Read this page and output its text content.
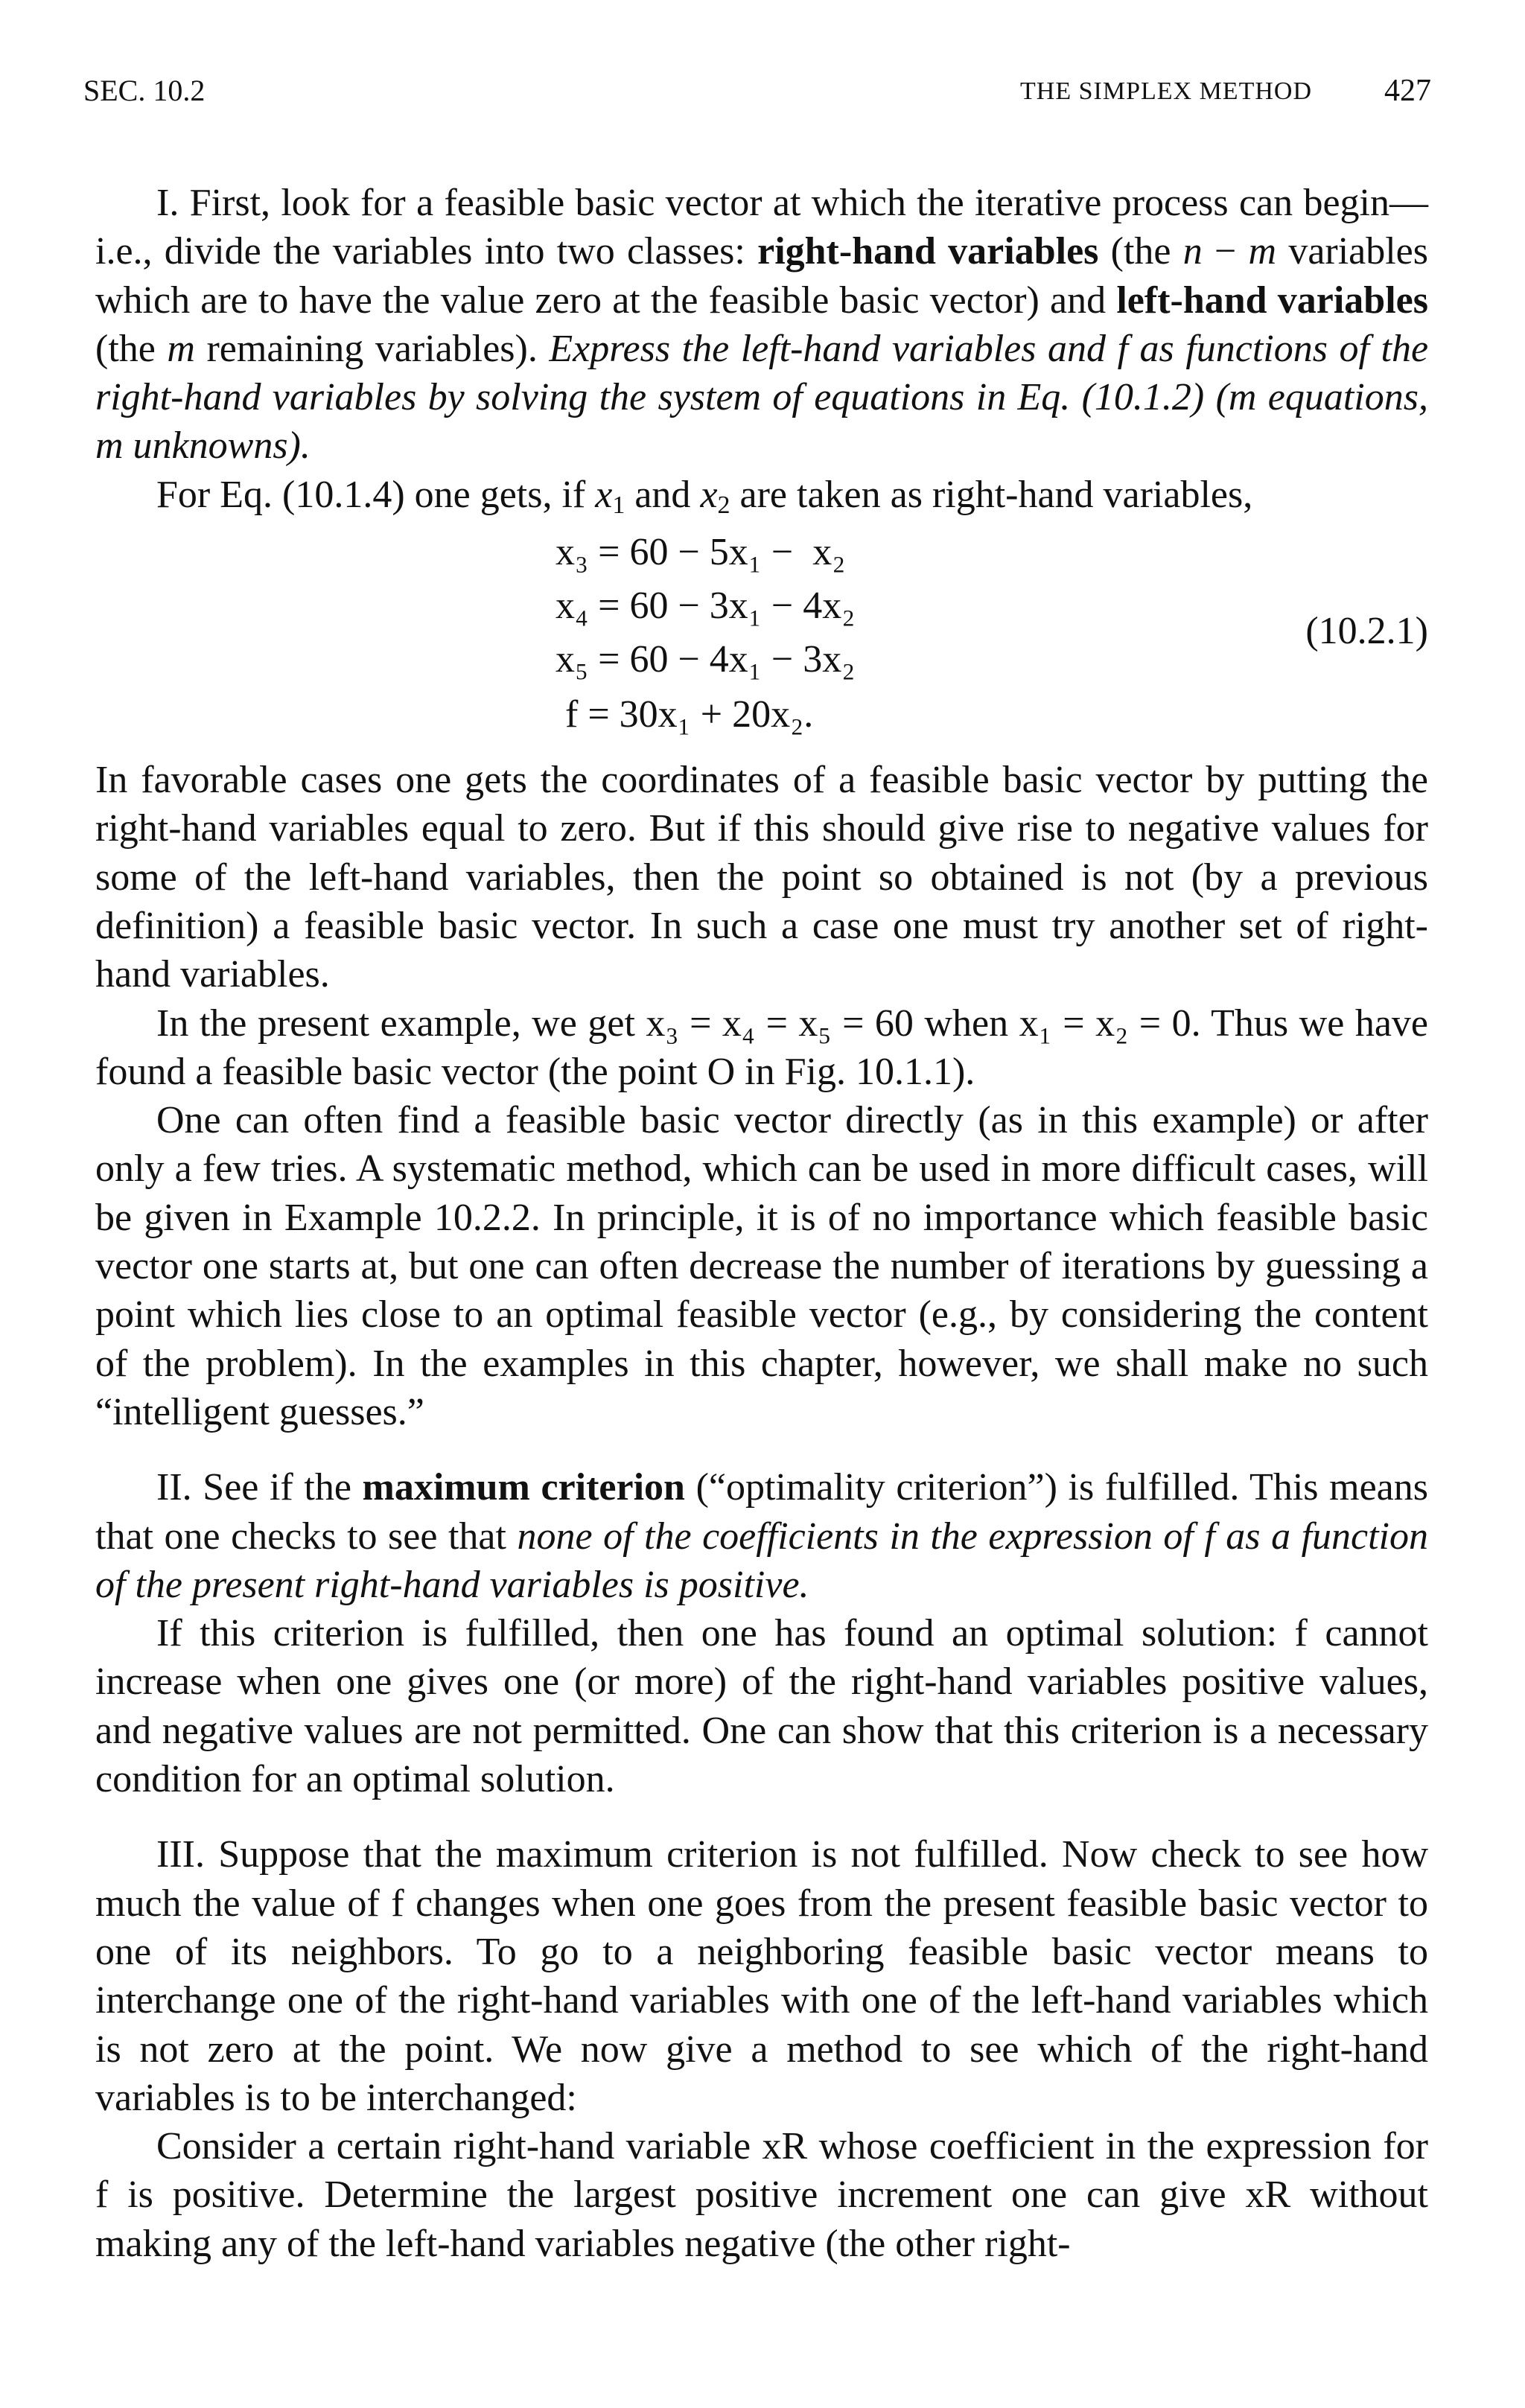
SEC. 10.2	THE SIMPLEX METHOD 427

I. First, look for a feasible basic vector at which the iterative process can begin—i.e., divide the variables into two classes: right-hand variables (the n − m variables which are to have the value zero at the feasible basic vector) and left-hand variables (the m remaining variables). Express the left-hand variables and f as functions of the right-hand variables by solving the system of equations in Eq. (10.1.2) (m equations, m unknowns).

For Eq. (10.1.4) one gets, if $x_1$ and $x_2$ are taken as right-hand variables,

x₃ = 60 − 5x₁ −  x₂
x₄ = 60 − 3x₁ − 4x₂
x₅ = 60 − 4x₁ − 3x₂
f = 30x₁ + 20x₂.
(10.2.1)

In favorable cases one gets the coordinates of a feasible basic vector by putting the right-hand variables equal to zero. But if this should give rise to negative values for some of the left-hand variables, then the point so obtained is not (by a previous definition) a feasible basic vector. In such a case one must try another set of right-hand variables.

In the present example, we get x₃ = x₄ = x₅ = 60 when x₁ = x₂ = 0. Thus we have found a feasible basic vector (the point O in Fig. 10.1.1).

One can often find a feasible basic vector directly (as in this example) or after only a few tries. A systematic method, which can be used in more difficult cases, will be given in Example 10.2.2. In principle, it is of no importance which feasible basic vector one starts at, but one can often decrease the number of iterations by guessing a point which lies close to an optimal feasible vector (e.g., by considering the content of the problem). In the examples in this chapter, however, we shall make no such “intelligent guesses.”

II. See if the maximum criterion (“optimality criterion”) is fulfilled. This means that one checks to see that none of the coefficients in the expression of f as a function of the present right-hand variables is positive.

If this criterion is fulfilled, then one has found an optimal solution: f cannot increase when one gives one (or more) of the right-hand variables positive values, and negative values are not permitted. One can show that this criterion is a necessary condition for an optimal solution.

III. Suppose that the maximum criterion is not fulfilled. Now check to see how much the value of f changes when one goes from the present feasible basic vector to one of its neighbors. To go to a neighboring feasible basic vector means to interchange one of the right-hand variables with one of the left-hand variables which is not zero at the point. We now give a method to see which of the right-hand variables is to be interchanged:

Consider a certain right-hand variable xR whose coefficient in the expression for f is positive. Determine the largest positive increment one can give xR without making any of the left-hand variables negative (the other right-
